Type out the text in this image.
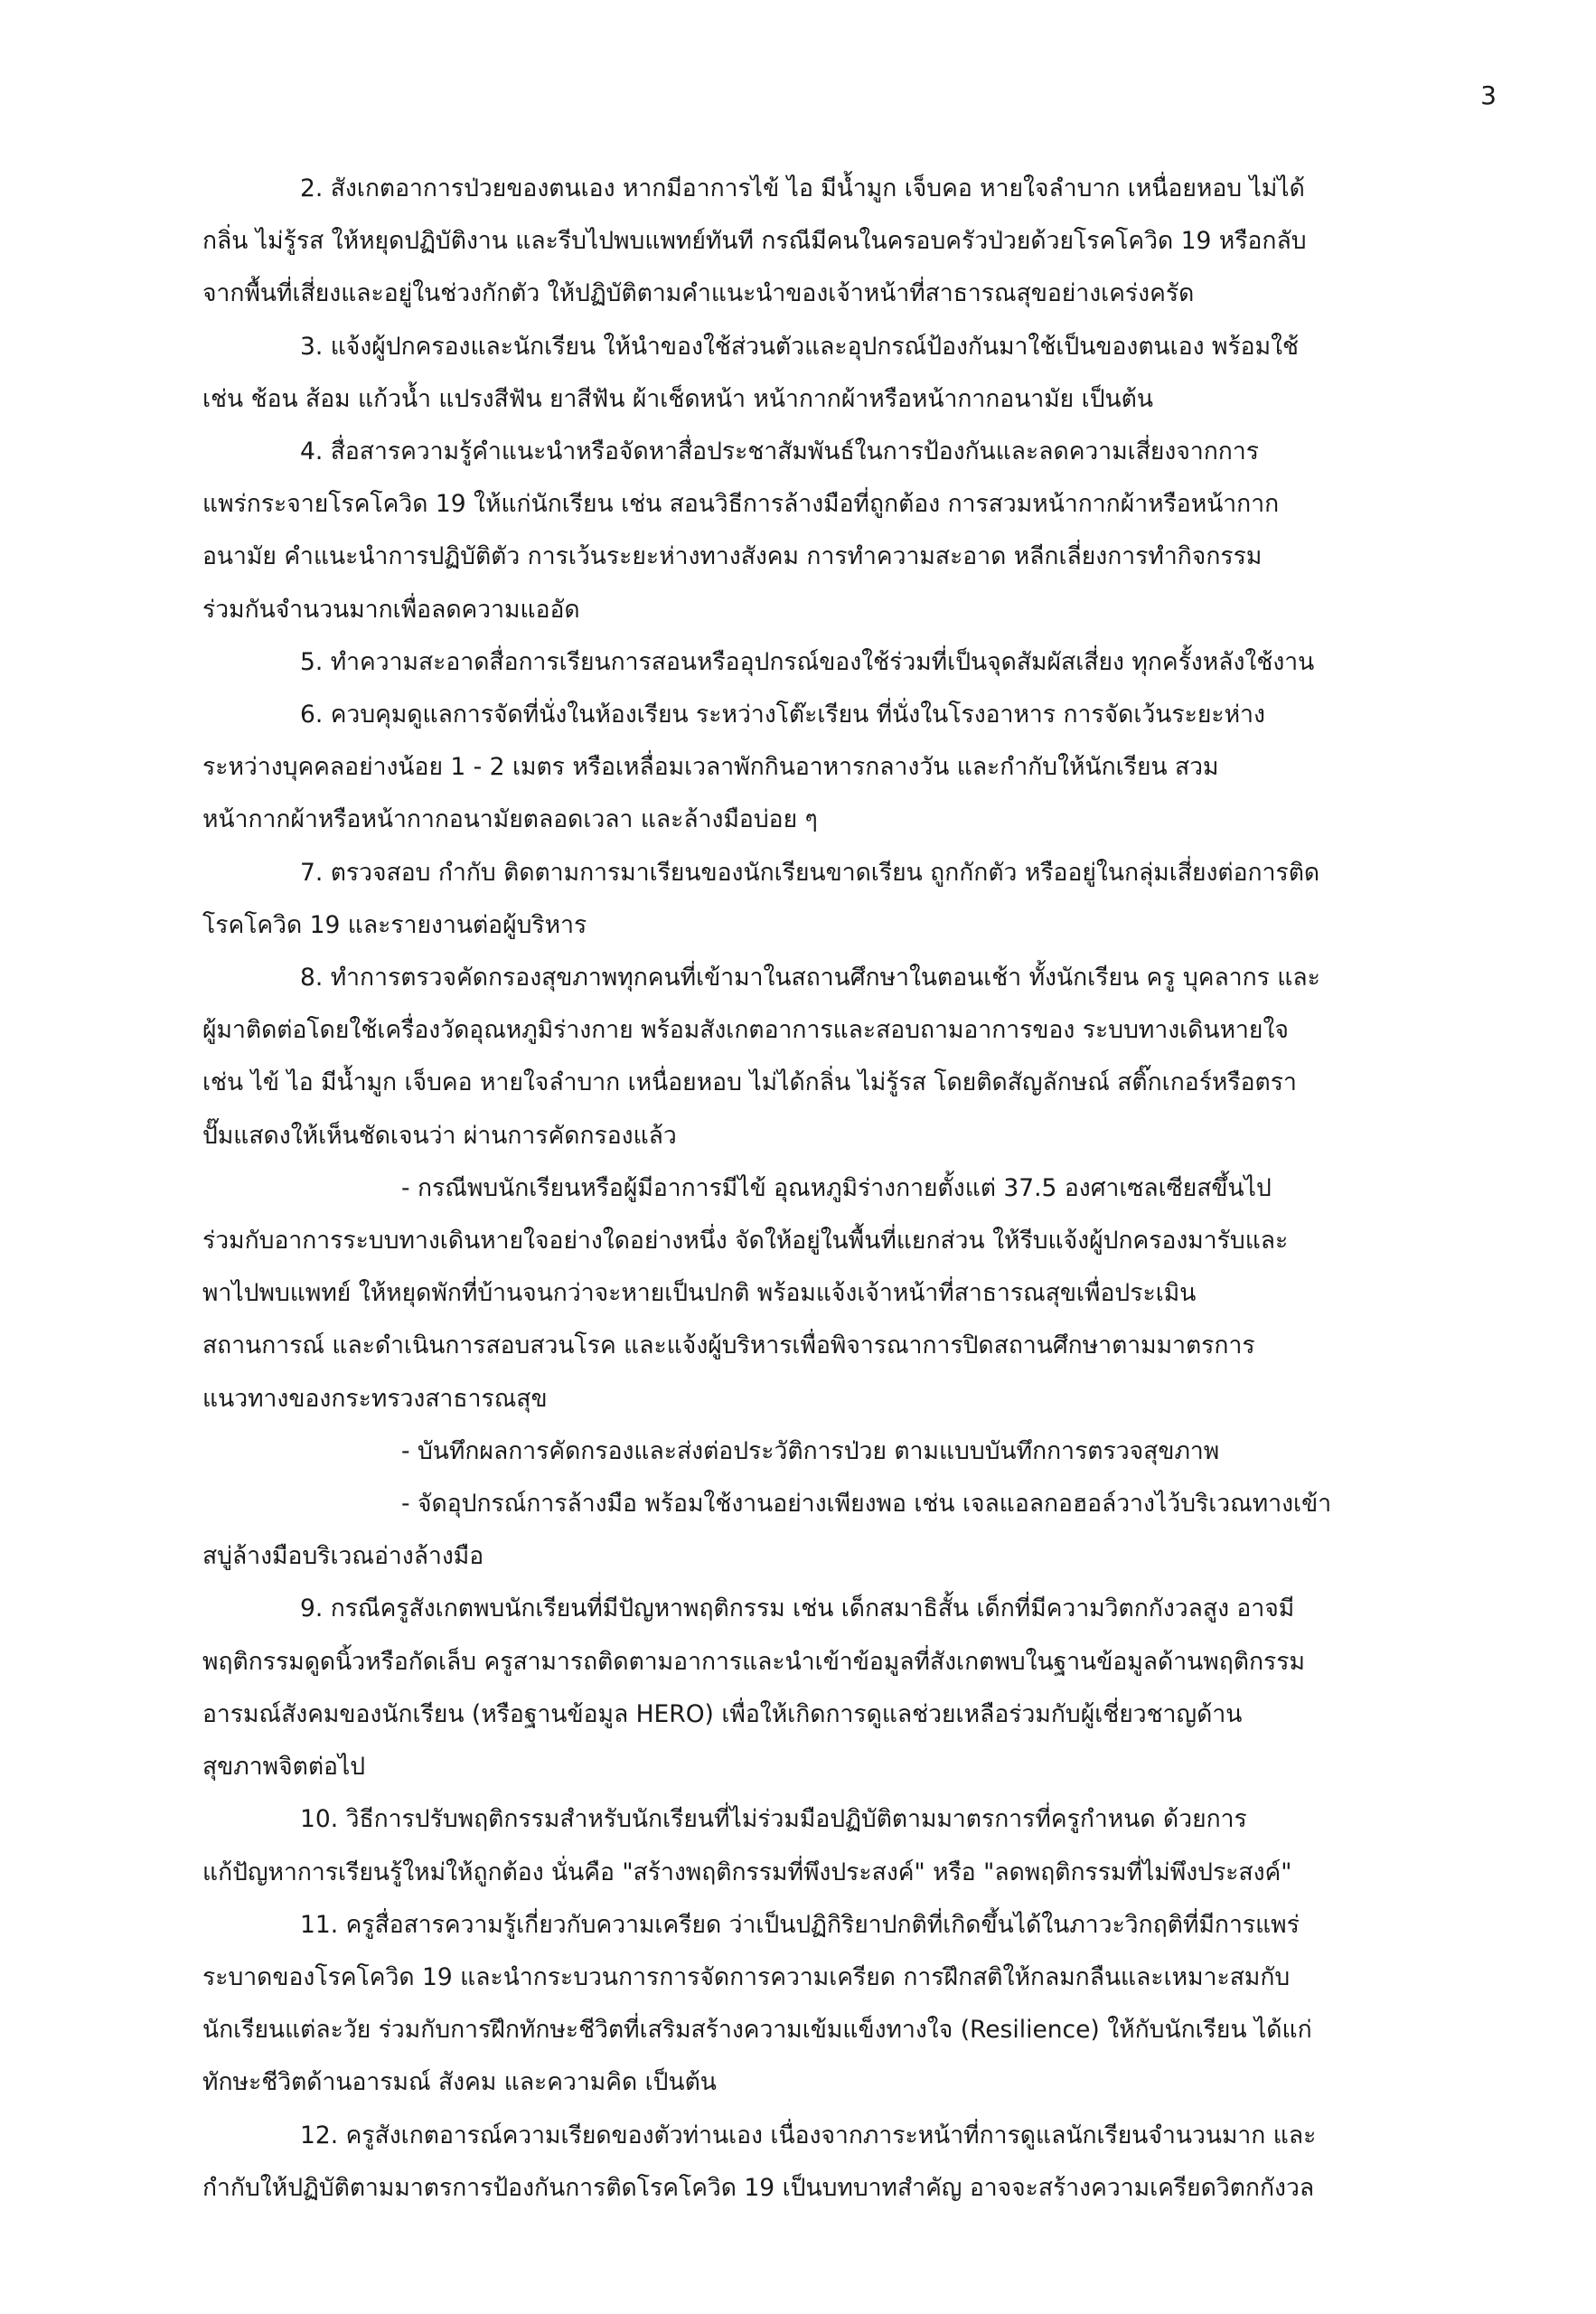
3
2. สังเกตอาการป่วยของตนเอง หากมีอาการไข้ ไอ มีน้ำมูก เจ็บคอ หายใจลำบาก เหนื่อยหอบ ไม่ได้
กลิ่น ไม่รู้รส ให้หยุดปฏิบัติงาน และรีบไปพบแพทย์ทันที กรณีมีคนในครอบครัวป่วยด้วยโรคโควิด 19 หรือกลับ
จากพื้นที่เสี่ยงและอยู่ในช่วงกักตัว ให้ปฏิบัติตามคำแนะนำของเจ้าหน้าที่สาธารณสุขอย่างเคร่งครัด
3. แจ้งผู้ปกครองและนักเรียน ให้นำของใช้ส่วนตัวและอุปกรณ์ป้องกันมาใช้เป็นของตนเอง พร้อมใช้
เช่น ช้อน ส้อม แก้วน้ำ แปรงสีฟัน ยาสีฟัน ผ้าเช็ดหน้า หน้ากากผ้าหรือหน้ากากอนามัย เป็นต้น
4. สื่อสารความรู้คำแนะนำหรือจัดหาสื่อประชาสัมพันธ์ในการป้องกันและลดความเสี่ยงจากการ
แพร่กระจายโรคโควิด 19 ให้แก่นักเรียน เช่น สอนวิธีการล้างมือที่ถูกต้อง การสวมหน้ากากผ้าหรือหน้ากาก
อนามัย คำแนะนำการปฏิบัติตัว การเว้นระยะห่างทางสังคม การทำความสะอาด หลีกเลี่ยงการทำกิจกรรม
ร่วมกันจำนวนมากเพื่อลดความแออัด
5. ทำความสะอาดสื่อการเรียนการสอนหรืออุปกรณ์ของใช้ร่วมที่เป็นจุดสัมผัสเสี่ยง ทุกครั้งหลังใช้งาน
6. ควบคุมดูแลการจัดที่นั่งในห้องเรียน ระหว่างโต๊ะเรียน ที่นั่งในโรงอาหาร การจัดเว้นระยะห่าง
ระหว่างบุคคลอย่างน้อย 1 - 2 เมตร หรือเหลื่อมเวลาพักกินอาหารกลางวัน และกำกับให้นักเรียน สวม
หน้ากากผ้าหรือหน้ากากอนามัยตลอดเวลา และล้างมือบ่อย ๆ
7. ตรวจสอบ กำกับ ติดตามการมาเรียนของนักเรียนขาดเรียน ถูกกักตัว หรืออยู่ในกลุ่มเสี่ยงต่อการติด
โรคโควิด 19 และรายงานต่อผู้บริหาร
8. ทำการตรวจคัดกรองสุขภาพทุกคนที่เข้ามาในสถานศึกษาในตอนเช้า ทั้งนักเรียน ครู บุคลากร และ
ผู้มาติดต่อโดยใช้เครื่องวัดอุณหภูมิร่างกาย พร้อมสังเกตอาการและสอบถามอาการของ ระบบทางเดินหายใจ
เช่น ไข้ ไอ มีน้ำมูก เจ็บคอ หายใจลำบาก เหนื่อยหอบ ไม่ได้กลิ่น ไม่รู้รส โดยติดสัญลักษณ์ สติ๊กเกอร์หรือตรา
ปั๊มแสดงให้เห็นชัดเจนว่า ผ่านการคัดกรองแล้ว
- กรณีพบนักเรียนหรือผู้มีอาการมีไข้ อุณหภูมิร่างกายตั้งแต่ 37.5 องศาเซลเซียสขึ้นไป
ร่วมกับอาการระบบทางเดินหายใจอย่างใดอย่างหนึ่ง จัดให้อยู่ในพื้นที่แยกส่วน ให้รีบแจ้งผู้ปกครองมารับและ
พาไปพบแพทย์ ให้หยุดพักที่บ้านจนกว่าจะหายเป็นปกติ พร้อมแจ้งเจ้าหน้าที่สาธารณสุขเพื่อประเมิน
สถานการณ์ และดำเนินการสอบสวนโรค และแจ้งผู้บริหารเพื่อพิจารณาการปิดสถานศึกษาตามมาตรการ
แนวทางของกระทรวงสาธารณสุข
- บันทึกผลการคัดกรองและส่งต่อประวัติการป่วย ตามแบบบันทึกการตรวจสุขภาพ
- จัดอุปกรณ์การล้างมือ พร้อมใช้งานอย่างเพียงพอ เช่น เจลแอลกอฮอล์วางไว้บริเวณทางเข้า
สบู่ล้างมือบริเวณอ่างล้างมือ
9. กรณีครูสังเกตพบนักเรียนที่มีปัญหาพฤติกรรม เช่น เด็กสมาธิสั้น เด็กที่มีความวิตกกังวลสูง อาจมี
พฤติกรรมดูดนิ้วหรือกัดเล็บ ครูสามารถติดตามอาการและนำเข้าข้อมูลที่สังเกตพบในฐานข้อมูลด้านพฤติกรรม
อารมณ์สังคมของนักเรียน (หรือฐานข้อมูล HERO) เพื่อให้เกิดการดูแลช่วยเหลือร่วมกับผู้เชี่ยวชาญด้าน
สุขภาพจิตต่อไป
10. วิธีการปรับพฤติกรรมสำหรับนักเรียนที่ไม่ร่วมมือปฏิบัติตามมาตรการที่ครูกำหนด ด้วยการ
แก้ปัญหาการเรียนรู้ใหม่ให้ถูกต้อง นั่นคือ "สร้างพฤติกรรมที่พึงประสงค์" หรือ "ลดพฤติกรรมที่ไม่พึงประสงค์"
11. ครูสื่อสารความรู้เกี่ยวกับความเครียด ว่าเป็นปฏิกิริยาปกติที่เกิดขึ้นได้ในภาวะวิกฤติที่มีการแพร่
ระบาดของโรคโควิด 19 และนำกระบวนการการจัดการความเครียด การฝึกสติให้กลมกลืนและเหมาะสมกับ
นักเรียนแต่ละวัย ร่วมกับการฝึกทักษะชีวิตที่เสริมสร้างความเข้มแข็งทางใจ (Resilience) ให้กับนักเรียน ได้แก่
ทักษะชีวิตด้านอารมณ์ สังคม และความคิด เป็นต้น
12. ครูสังเกตอารณ์ความเรียดของตัวท่านเอง เนื่องจากภาระหน้าที่การดูแลนักเรียนจำนวนมาก และ
กำกับให้ปฏิบัติตามมาตรการป้องกันการติดโรคโควิด 19 เป็นบทบาทสำคัญ อาจจะสร้างความเครียดวิตกกังวล
